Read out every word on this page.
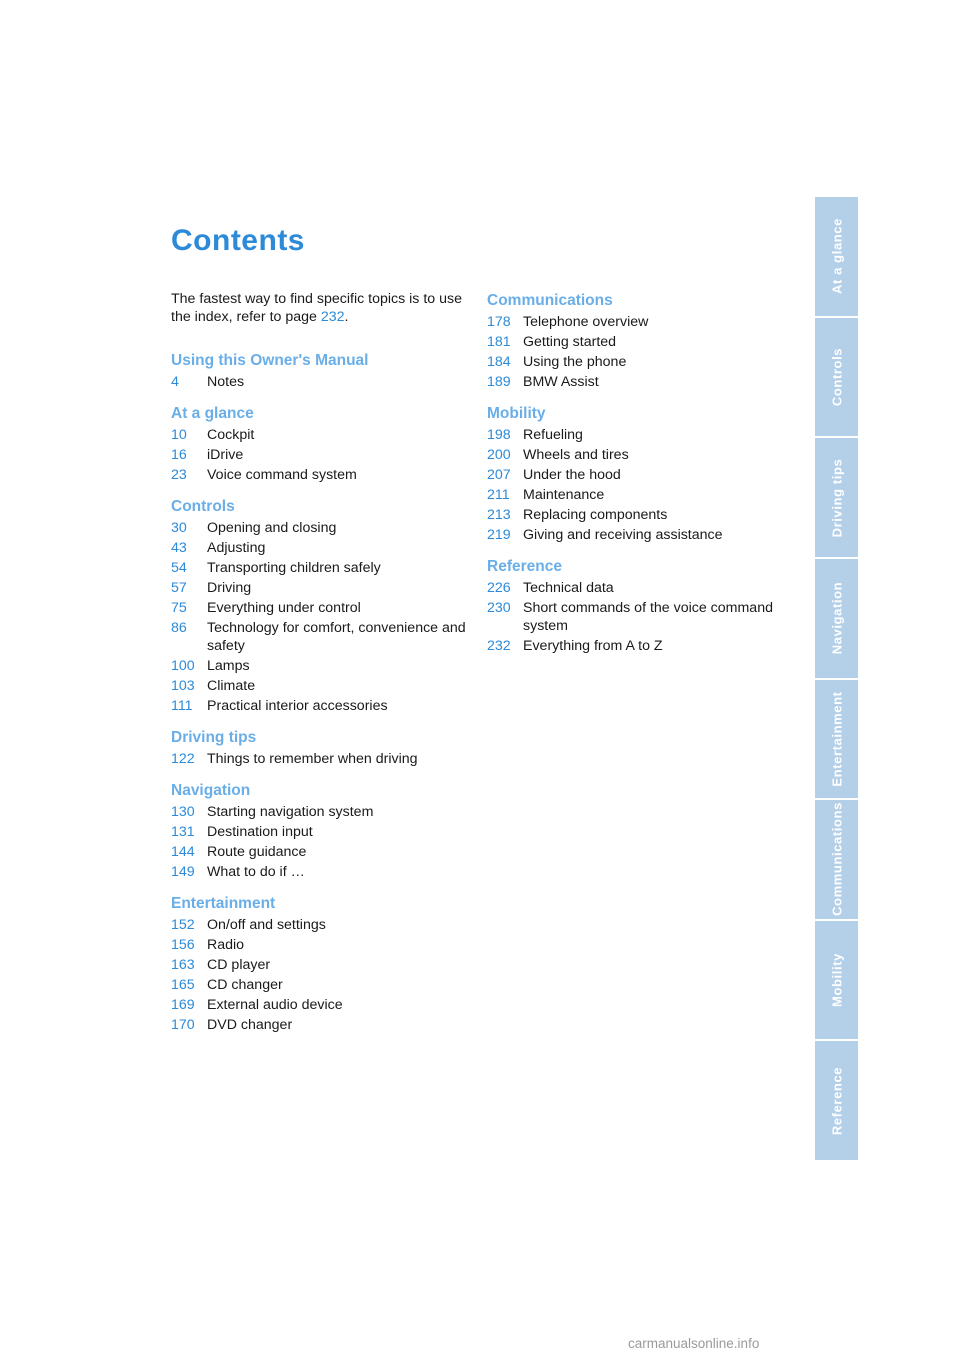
Contents

The fastest way to find specific topics is to use the index, refer to page 232.

Using this Owner's Manual
4	Notes
At a glance
10	Cockpit
16	iDrive
23	Voice command system
Controls
30	Opening and closing
43	Adjusting
54	Transporting children safely
57	Driving
75	Everything under control
86	Technology for comfort, convenience and safety
100 Lamps
103 Climate
111	Practical interior accessories
Driving tips
122 Things to remember when driving
Navigation
130 Starting navigation system
131 Destination input
144 Route guidance
149 What to do if …
Entertainment
152 On/off and settings
156 Radio
163 CD player
165 CD changer
169 External audio device
170 DVD changer
Communications
178 Telephone overview
181 Getting started
184 Using the phone
189 BMW Assist
Mobility
198 Refueling
200 Wheels and tires
207 Under the hood
211 Maintenance
213 Replacing components
219 Giving and receiving assistance
Reference
226 Technical data
230 Short commands of the voice command system
232 Everything from A to Z
At a glance
Controls
Driving tips
Navigation
Entertainment
Communications
Mobility
Reference
carmanualsonline.info
